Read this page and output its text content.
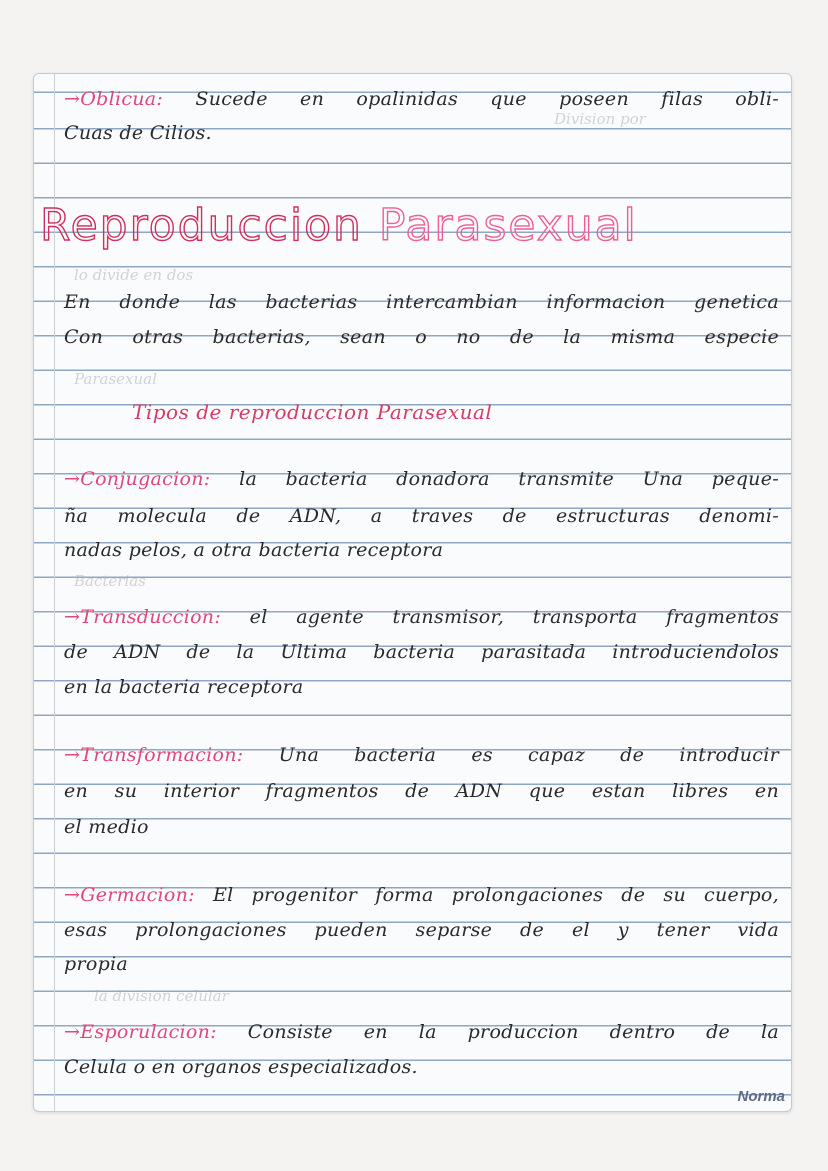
Division por
lo divide en dos
Parasexual
Bacterias
la division celular
→Oblicua: Sucede en opalinidas que poseen filas obli-
Cuas de Cilios.
Reproduccion Parasexual
En donde las bacterias intercambian informacion genetica
Con otras bacterias, sean o no de la misma especie
Tipos de reproduccion Parasexual
→Conjugacion: la bacteria donadora transmite Una peque-
ña molecula de ADN, a traves de estructuras denomi-
nadas pelos, a otra bacteria receptora
→Transduccion: el agente transmisor, transporta fragmentos
de ADN de la Ultima bacteria parasitada introduciendolos
en la bacteria receptora
→Transformacion: Una bacteria es capaz de introducir
en su interior fragmentos de ADN que estan libres en
el medio
→Germacion: El progenitor forma prolongaciones de su cuerpo,
esas prolongaciones pueden separse de el y tener vida
propia
→Esporulacion: Consiste en la produccion dentro de la
Celula o en organos especializados.
Norma
